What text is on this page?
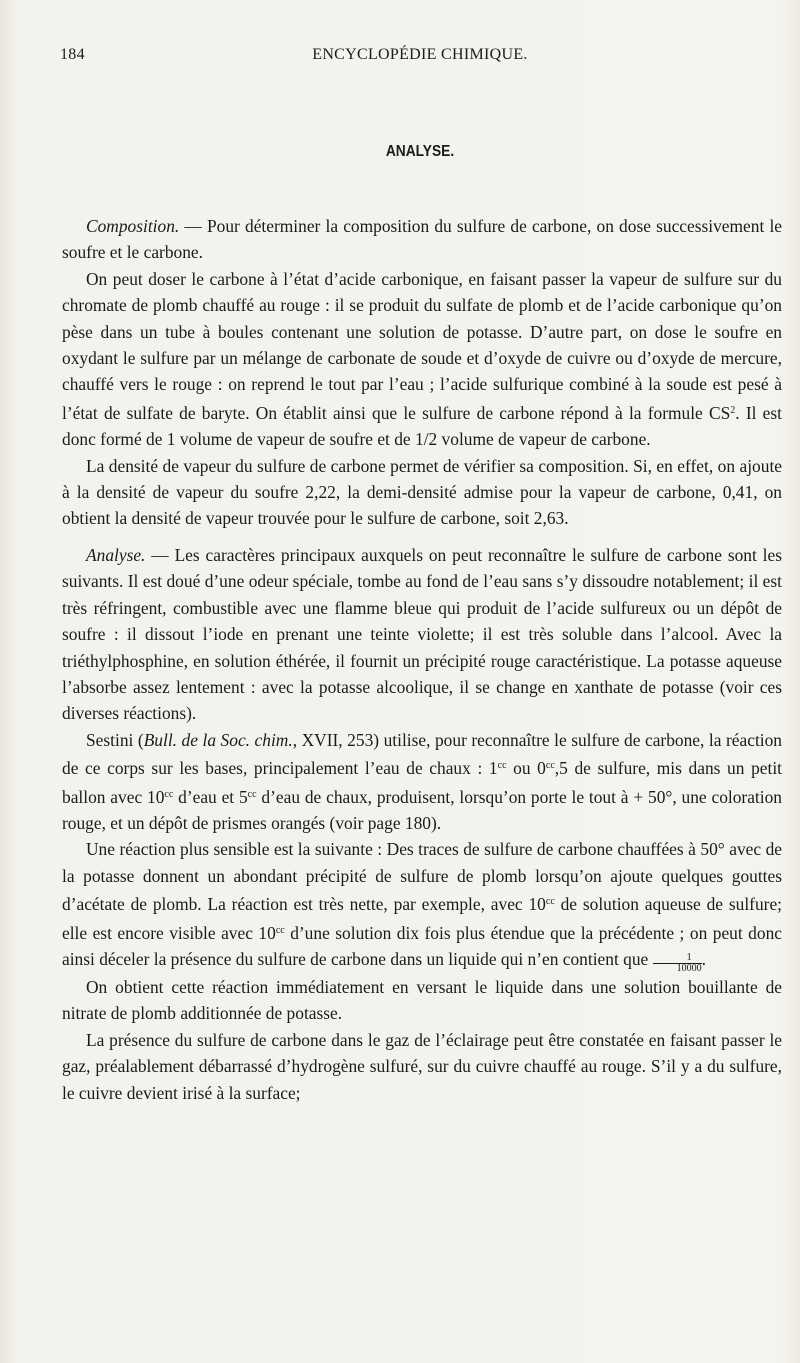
184	ENCYCLOPÉDIE CHIMIQUE.
ANALYSE.

Composition. — Pour déterminer la composition du sulfure de carbone, on dose successivement le soufre et le carbone.

On peut doser le carbone à l’état d’acide carbonique, en faisant passer la vapeur de sulfure sur du chromate de plomb chauffé au rouge : il se produit du sulfate de plomb et de l’acide carbonique qu’on pèse dans un tube à boules contenant une solution de potasse. D’autre part, on dose le soufre en oxydant le sulfure par un mélange de carbonate de soude et d’oxyde de cuivre ou d’oxyde de mercure, chauffé vers le rouge : on reprend le tout par l’eau ; l’acide sulfurique combiné à la soude est pesé à l’état de sulfate de baryte. On établit ainsi que le sulfure de carbone répond à la formule $CS^2$. Il est donc formé de 1 volume de vapeur de soufre et de 1/2 volume de vapeur de carbone.

La densité de vapeur du sulfure de carbone permet de vérifier sa composition. Si, en effet, on ajoute à la densité de vapeur du soufre 2,22, la demi-densité admise pour la vapeur de carbone, 0,41, on obtient la densité de vapeur trouvée pour le sulfure de carbone, soit 2,63.

Analyse. — Les caractères principaux auxquels on peut reconnaître le sulfure de carbone sont les suivants. Il est doué d’une odeur spéciale, tombe au fond de l’eau sans s’y dissoudre notablement; il est très réfringent, combustible avec une flamme bleue qui produit de l’acide sulfureux ou un dépôt de soufre : il dissout l’iode en prenant une teinte violette; il est très soluble dans l’alcool. Avec la triéthylphosphine, en solution éthérée, il fournit un précipité rouge caractéristique. La potasse aqueuse l’absorbe assez lentement : avec la potasse alcoolique, il se change en xanthate de potasse (voir ces diverses réactions).

Sestini (Bull. de la Soc. chim., XVII, 253) utilise, pour reconnaître le sulfure de carbone, la réaction de ce corps sur les bases, principalement l’eau de chaux : $1^{cc}$ ou $0^{cc},5$ de sulfure, mis dans un petit ballon avec $10^{cc}$ d’eau et $5^{cc}$ d’eau de chaux, produisent, lorsqu’on porte le tout à + 50°, une coloration rouge, et un dépôt de prismes orangés (voir page 180).

Une réaction plus sensible est la suivante : Des traces de sulfure de carbone chauffées à 50° avec de la potasse donnent un abondant précipité de sulfure de plomb lorsqu’on ajoute quelques gouttes d’acétate de plomb. La réaction est très nette, par exemple, avec $10^{cc}$ de solution aqueuse de sulfure; elle est encore visible avec $10^{cc}$ d’une solution dix fois plus étendue que la précédente ; on peut donc ainsi déceler la présence du sulfure de carbone dans un liquide qui n’en contient que $\frac{1}{10000}$ .

On obtient cette réaction immédiatement en versant le liquide dans une solution bouillante de nitrate de plomb additionnée de potasse.

La présence du sulfure de carbone dans le gaz de l’éclairage peut être constatée en faisant passer le gaz, préalablement débarrassé d’hydrogène sulfuré, sur du cuivre chauffé au rouge. S’il y a du sulfure, le cuivre devient irisé à la surface;
